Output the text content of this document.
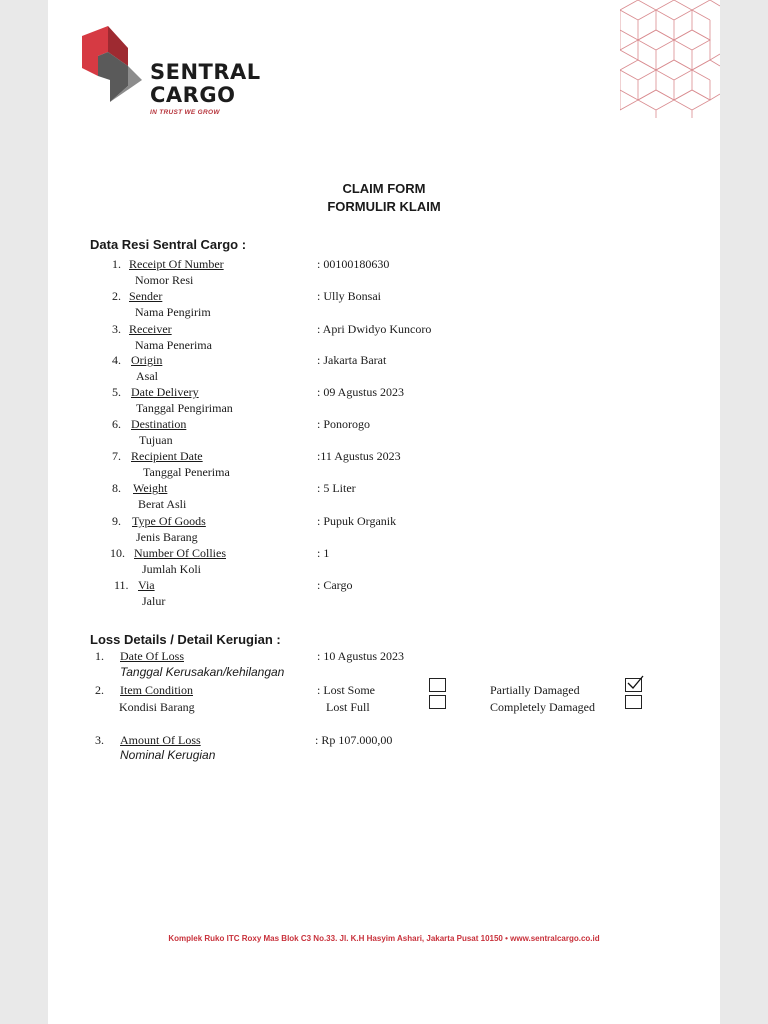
SENTRAL
CARGO
IN TRUST WE GROW
CLAIM FORM
FORMULIR KLAIM
Data Resi Sentral Cargo :
1. Receipt Of Number
Nomor Resi
: 00100180630
2. Sender
Nama Pengirim
: Ully Bonsai
3. Receiver
Nama Penerima
: Apri Dwidyo Kuncoro
4. Origin
Asal
: Jakarta Barat
5. Date Delivery
Tanggal Pengiriman
: 09 Agustus 2023
6. Destination
Tujuan
: Ponorogo
7. Recipient Date
Tanggal Penerima
:11 Agustus 2023
8. Weight
Berat Asli
: 5 Liter
9. Type Of Goods
Jenis Barang
: Pupuk Organik
10. Number Of Collies
Jumlah Koli
: 1
11. Via
Jalur
: Cargo
Loss Details / Detail Kerugian :
1. Date Of Loss	: 10 Agustus 2023
Tanggal Kerusakan/kehilangan
2. Item Condition
Kondisi Barang
: Lost Some
Lost Full
Partially Damaged
Completely Damaged
3. Amount Of Loss	: Rp 107.000,00
Nominal Kerugian
Komplek Ruko ITC Roxy Mas Blok C3 No.33. Jl. K.H Hasyim Ashari, Jakarta Pusat 10150 • www.sentralcargo.co.id
